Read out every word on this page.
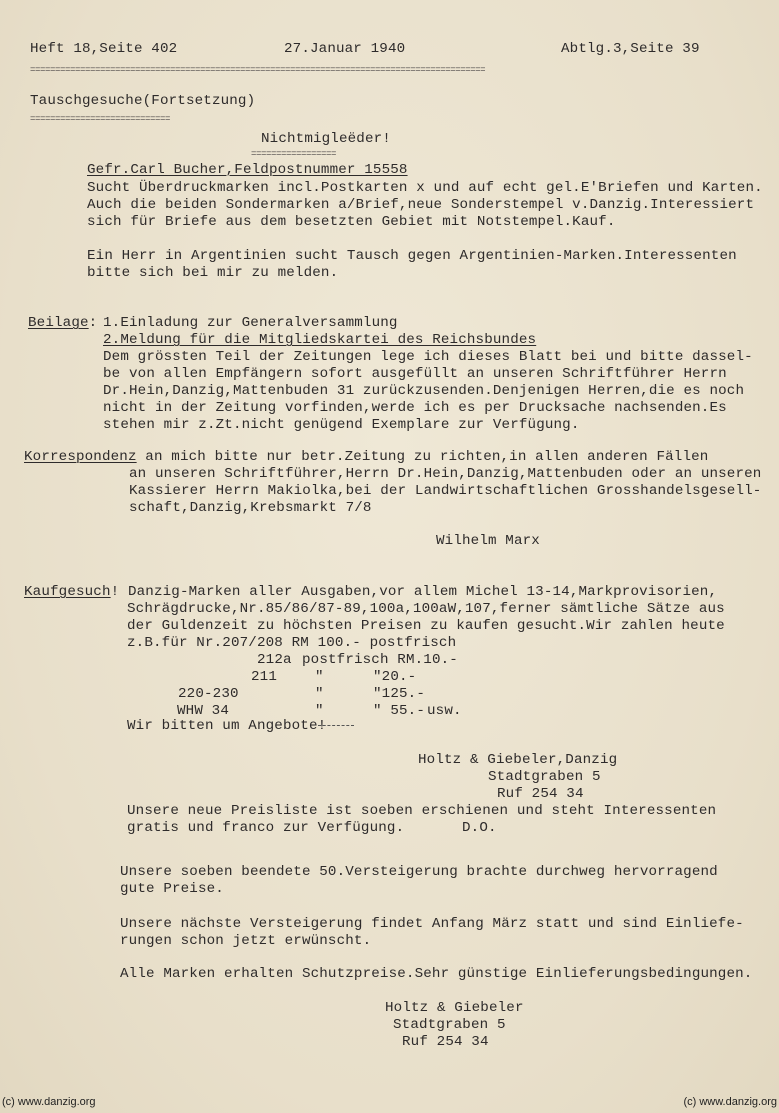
Heft 18,Seite 402	27.Januar 1940	Abtlg.3,Seite 39
===========================================================================================
Tauschgesuche(Fortsetzung)
============================
Nichtmigleëder!
=================
Gefr.Carl Bucher,Feldpostnummer 15558
Sucht Überdruckmarken incl.Postkarten x und auf echt gel.E'Briefen und Karten.
Auch die beiden Sondermarken a/Brief,neue Sonderstempel v.Danzig.Interessiert
sich für Briefe aus dem besetzten Gebiet mit Notstempel.Kauf.
Ein Herr in Argentinien sucht Tausch gegen Argentinien-Marken.Interessenten
bitte sich bei mir zu melden.
Beilage: 1.Einladung zur Generalversammlung
2.Meldung für die Mitgliedskartei des Reichsbundes
Dem grössten Teil der Zeitungen lege ich dieses Blatt bei und bitte dassel-
be von allen Empfängern sofort ausgefüllt an unseren Schriftführer Herrn
Dr.Hein,Danzig,Mattenbuden 31 zurückzusenden.Denjenigen Herren,die es noch
nicht in der Zeitung vorfinden,werde ich es per Drucksache nachsenden.Es
stehen mir z.Zt.nicht genügend Exemplare zur Verfügung.
Korrespondenz an mich bitte nur betr.Zeitung zu richten,in allen anderen Fällen
an unseren Schriftführer,Herrn Dr.Hein,Danzig,Mattenbuden oder an unseren
Kassierer Herrn Makiolka,bei der Landwirtschaftlichen Grosshandelsgesell-
schaft,Danzig,Krebsmarkt 7/8
Wilhelm Marx
Kaufgesuch! Danzig-Marken aller Ausgaben,vor allem Michel 13-14,Markprovisorien,
Schrägdrucke,Nr.85/86/87-89,100a,100aW,107,ferner sämtliche Sätze aus
der Guldenzeit zu höchsten Preisen zu kaufen gesucht.Wir zahlen heute
z.B.für Nr.207/208 RM 100.- postfrisch
212a postfrisch RM.10.-
211	"	"20.-
220-230	"	"125.-
WHW 34	"	" 55.- usw.
Wir bitten um Angebote!
Holtz & Giebeler,Danzig
Stadtgraben 5
Ruf 254 34
Unsere neue Preisliste ist soeben erschienen und steht Interessenten
gratis und franco zur Verfügung.	D.O.
Unsere soeben beendete 50.Versteigerung brachte durchweg hervorragend
gute Preise.
Unsere nächste Versteigerung findet Anfang März statt und sind Einliefe-
rungen schon jetzt erwünscht.
Alle Marken erhalten Schutzpreise.Sehr günstige Einlieferungsbedingungen.
Holtz & Giebeler
Stadtgraben 5
Ruf 254 34
(c) www.danzig.org	(c) www.danzig.org
